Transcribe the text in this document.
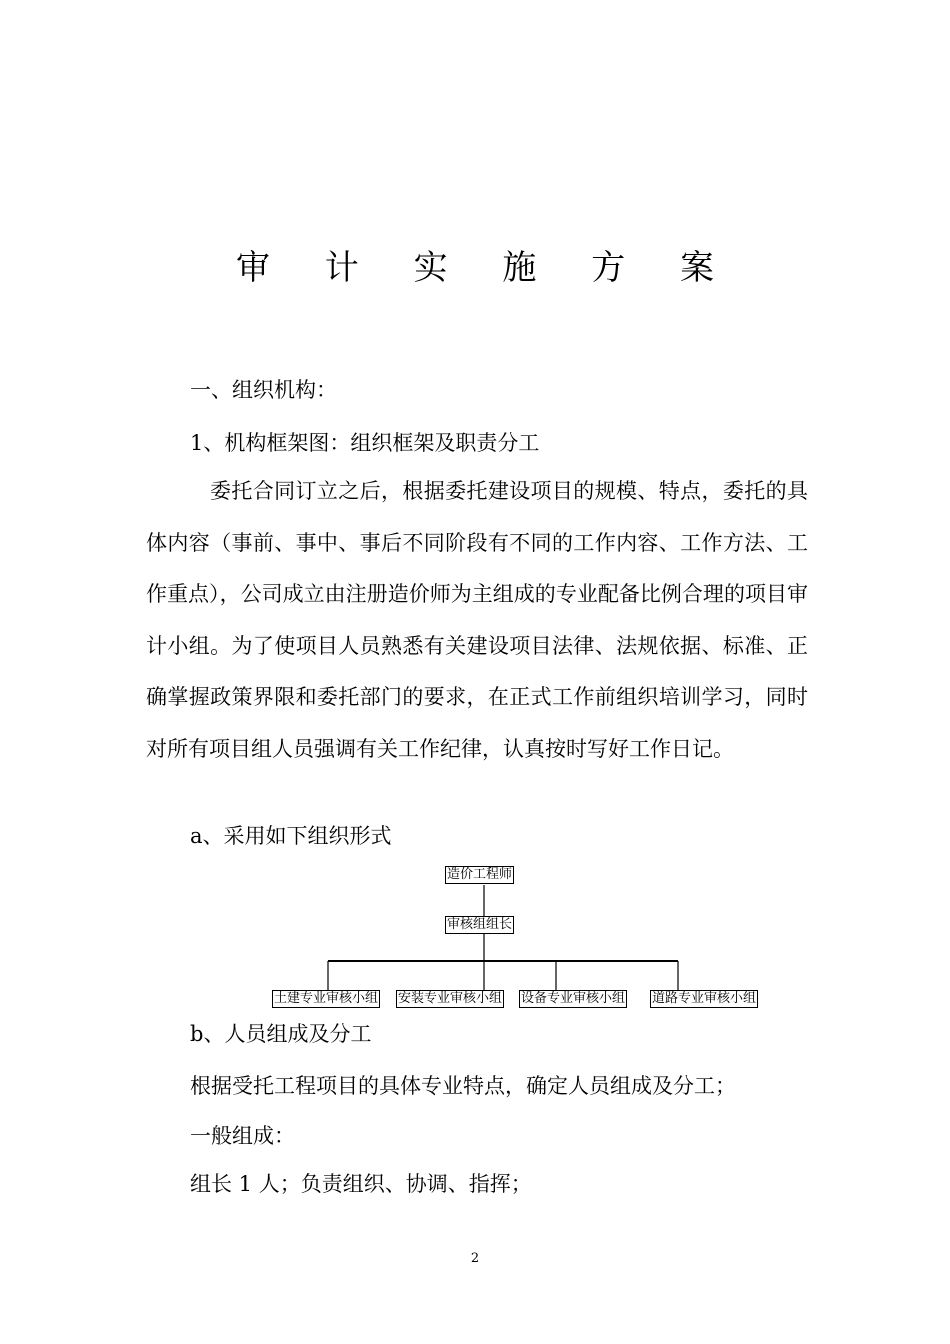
审 计 实 施 方 案
一、组织机构：
1、机构框架图：组织框架及职责分工
委托合同订立之后，根据委托建设项目的规模、特点，委托的具体内容（事前、事中、事后不同阶段有不同的工作内容、工作方法、工作重点），公司成立由注册造价师为主组成的专业配备比例合理的项目审计小组。为了使项目人员熟悉有关建设项目法律、法规依据、标准、正确掌握政策界限和委托部门的要求，在正式工作前组织培训学习，同时对所有项目组人员强调有关工作纪律，认真按时写好工作日记。
a、采用如下组织形式
造价工程师
审核组组长
土建专业审核小组 安装专业审核小组 设备专业审核小组 道路专业审核小组
b、人员组成及分工
根据受托工程项目的具体专业特点，确定人员组成及分工；
一般组成：
组长 1 人；负责组织、协调、指挥；
2
